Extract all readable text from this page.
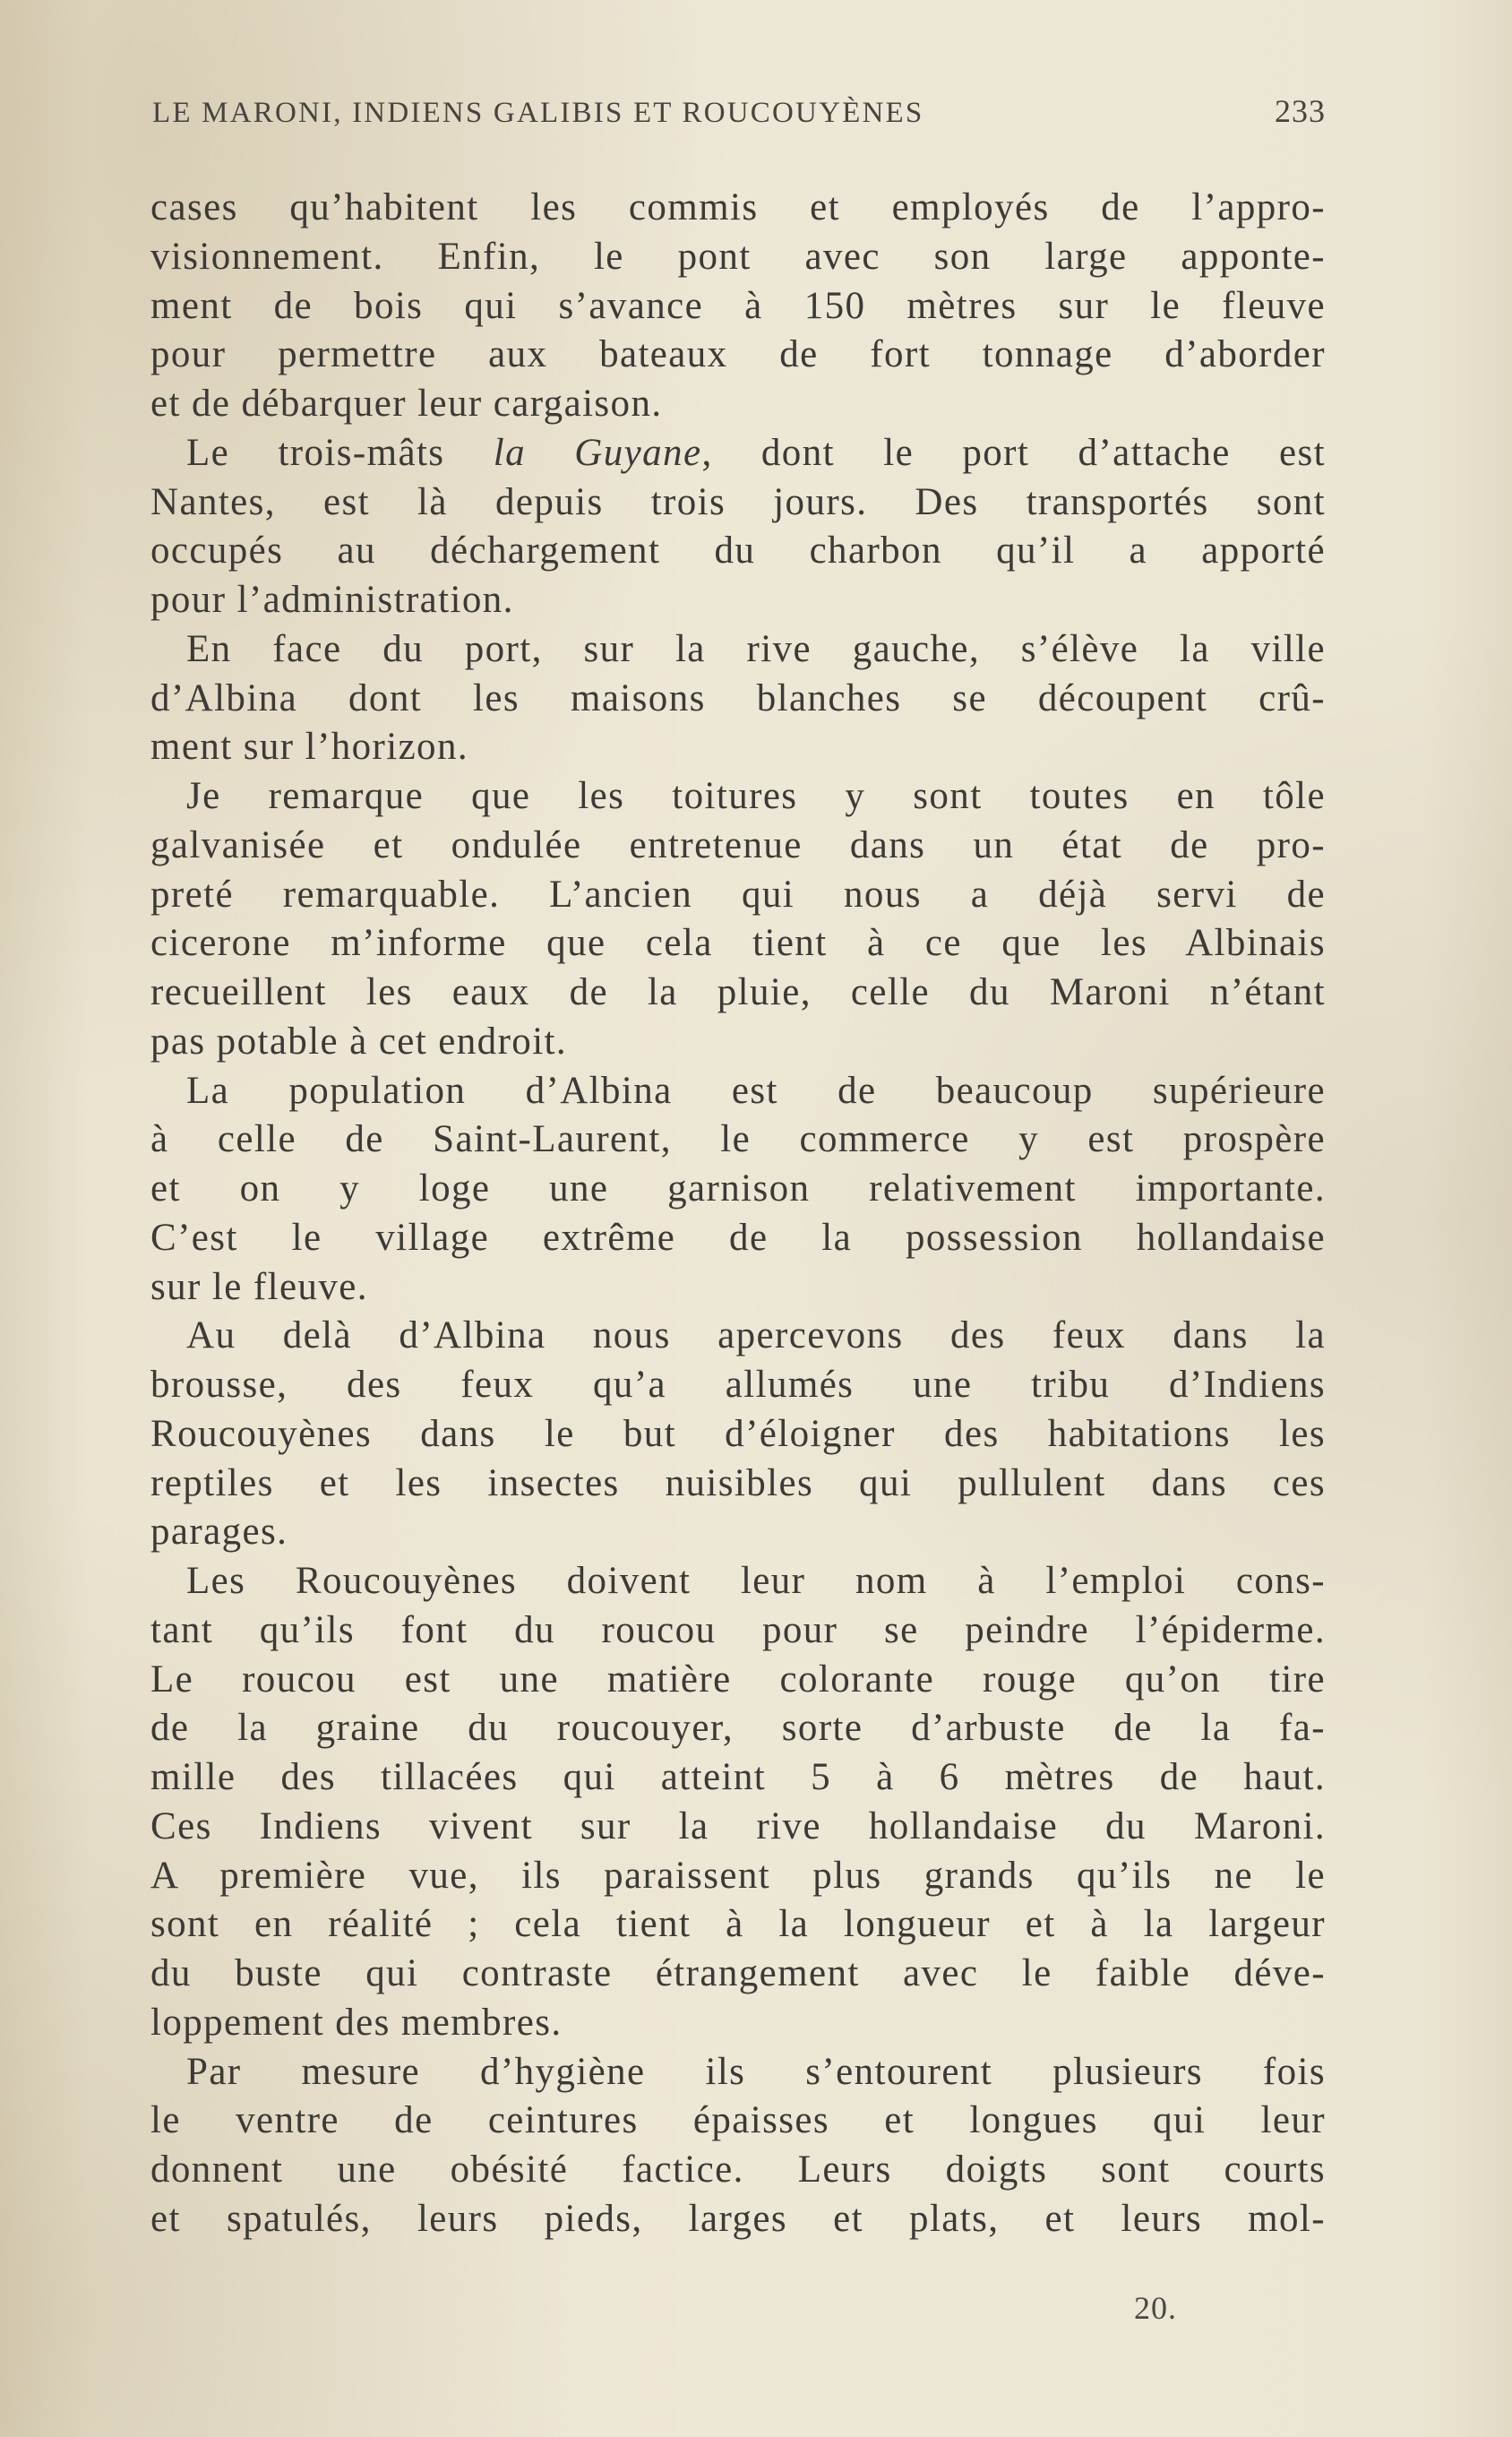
LE MARONI, INDIENS GALIBIS ET ROUCOUYÈNES	233
cases qu’habitent les commis et employés de l’appro-
visionnement. Enfin, le pont avec son large apponte-
ment de bois qui s’avance à 150 mètres sur le fleuve
pour permettre aux bateaux de fort tonnage d’aborder
et de débarquer leur cargaison.
Le trois-mâts la Guyane, dont le port d’attache est
Nantes, est là depuis trois jours. Des transportés sont
occupés au déchargement du charbon qu’il a apporté
pour l’administration.
En face du port, sur la rive gauche, s’élève la ville
d’Albina dont les maisons blanches se découpent crû-
ment sur l’horizon.
Je remarque que les toitures y sont toutes en tôle
galvanisée et ondulée entretenue dans un état de pro-
preté remarquable. L’ancien qui nous a déjà servi de
cicerone m’informe que cela tient à ce que les Albinais
recueillent les eaux de la pluie, celle du Maroni n’étant
pas potable à cet endroit.
La population d’Albina est de beaucoup supérieure
à celle de Saint-Laurent, le commerce y est prospère
et on y loge une garnison relativement importante.
C’est le village extrême de la possession hollandaise
sur le fleuve.
Au delà d’Albina nous apercevons des feux dans la
brousse, des feux qu’a allumés une tribu d’Indiens
Roucouyènes dans le but d’éloigner des habitations les
reptiles et les insectes nuisibles qui pullulent dans ces
parages.
Les Roucouyènes doivent leur nom à l’emploi cons-
tant qu’ils font du roucou pour se peindre l’épiderme.
Le roucou est une matière colorante rouge qu’on tire
de la graine du roucouyer, sorte d’arbuste de la fa-
mille des tillacées qui atteint 5 à 6 mètres de haut.
Ces Indiens vivent sur la rive hollandaise du Maroni.
A première vue, ils paraissent plus grands qu’ils ne le
sont en réalité ; cela tient à la longueur et à la largeur
du buste qui contraste étrangement avec le faible déve-
loppement des membres.
Par mesure d’hygiène ils s’entourent plusieurs fois
le ventre de ceintures épaisses et longues qui leur
donnent une obésité factice. Leurs doigts sont courts
et spatulés, leurs pieds, larges et plats, et leurs mol-
20.
